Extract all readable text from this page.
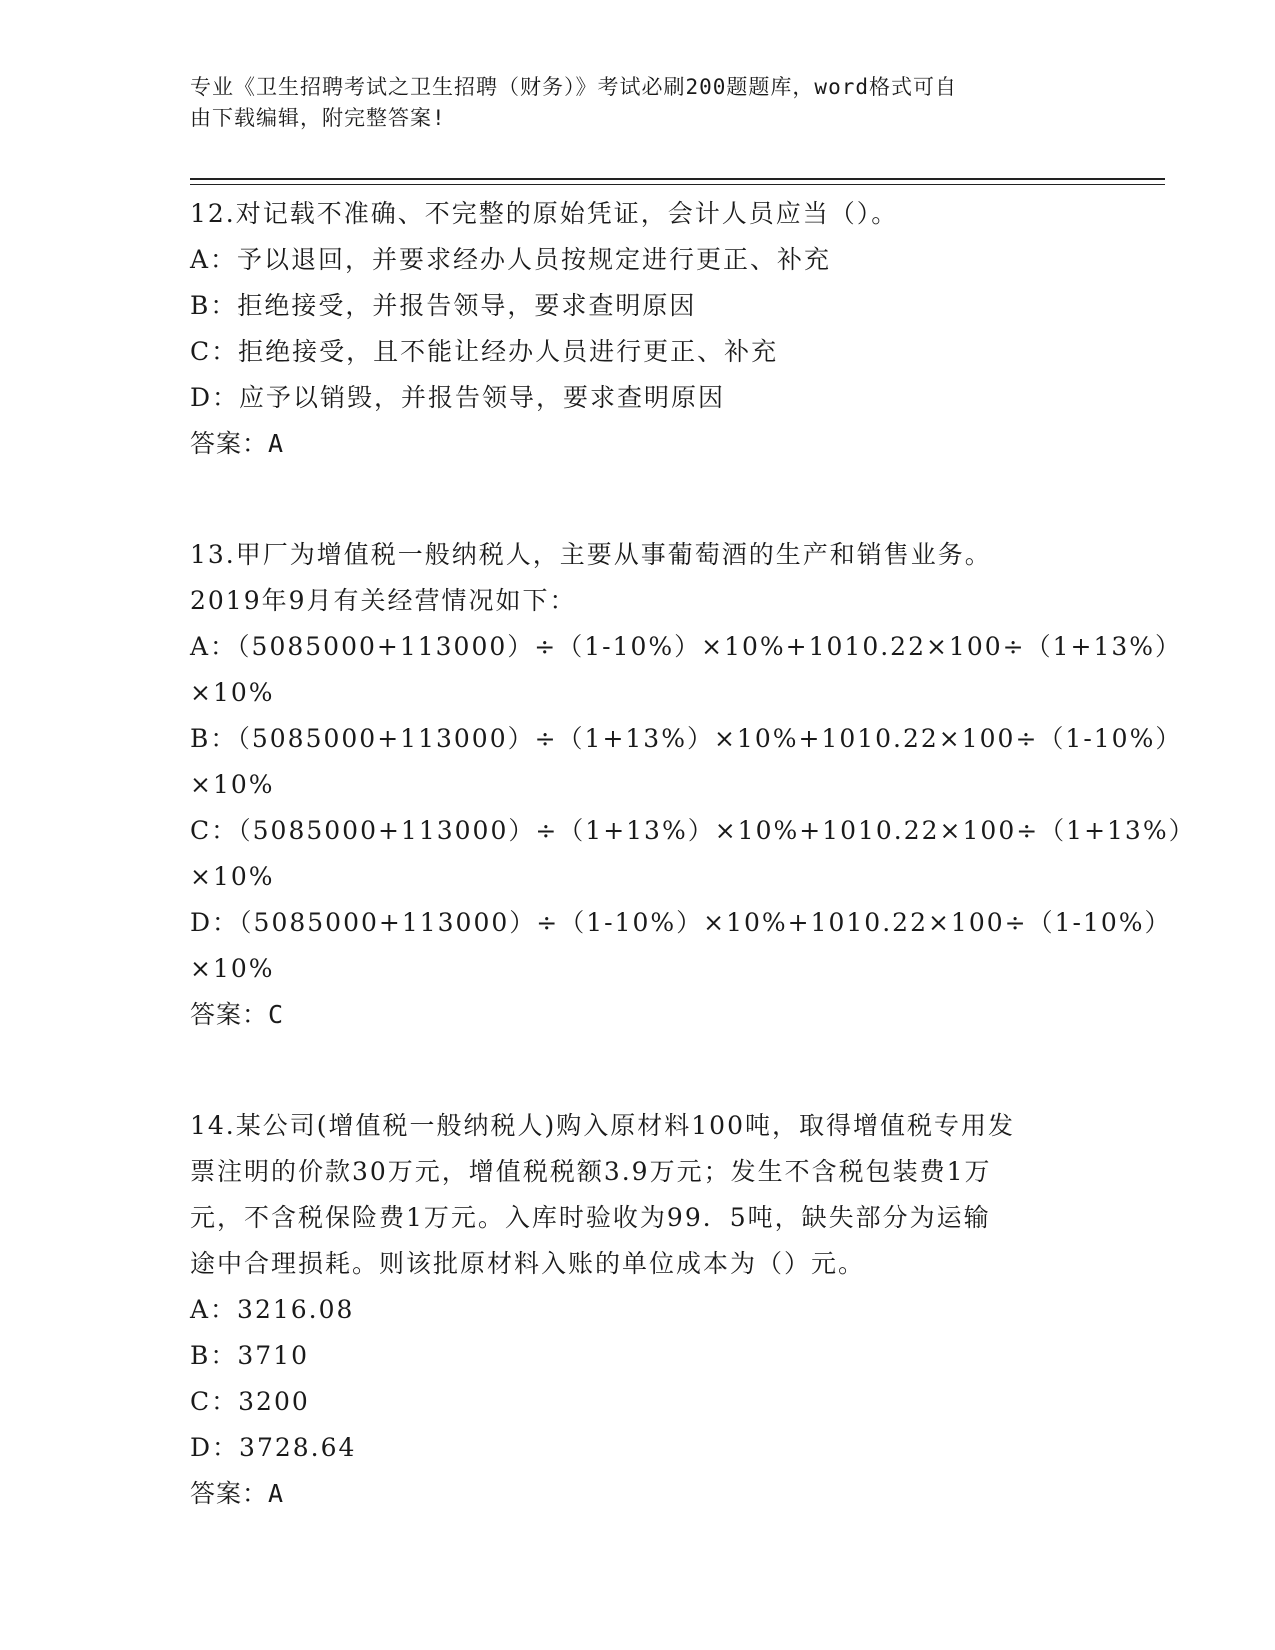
专业《卫生招聘考试之卫生招聘（财务）》考试必刷200题题库，word格式可自
由下载编辑，附完整答案!
12.对记载不准确、不完整的原始凭证，会计人员应当（）。
A：予以退回，并要求经办人员按规定进行更正、补充
B：拒绝接受，并报告领导，要求查明原因
C：拒绝接受，且不能让经办人员进行更正、补充
D：应予以销毁，并报告领导，要求查明原因
答案：A
13.甲厂为增值税一般纳税人，主要从事葡萄酒的生产和销售业务。
2019年9月有关经营情况如下：
A：（5085000+113000）÷（1-10%）×10%+1010.22×100÷（1+13%）
×10%
B：（5085000+113000）÷（1+13%）×10%+1010.22×100÷（1-10%）
×10%
C：（5085000+113000）÷（1+13%）×10%+1010.22×100÷（1+13%）
×10%
D：（5085000+113000）÷（1-10%）×10%+1010.22×100÷（1-10%）
×10%
答案：C
14.某公司(增值税一般纳税人)购入原材料100吨，取得增值税专用发
票注明的价款30万元，增值税税额3.9万元；发生不含税包装费1万
元，不含税保险费1万元。入库时验收为99．5吨，缺失部分为运输
途中合理损耗。则该批原材料入账的单位成本为（）元。
A：3216.08
B：3710
C：3200
D：3728.64
答案：A
